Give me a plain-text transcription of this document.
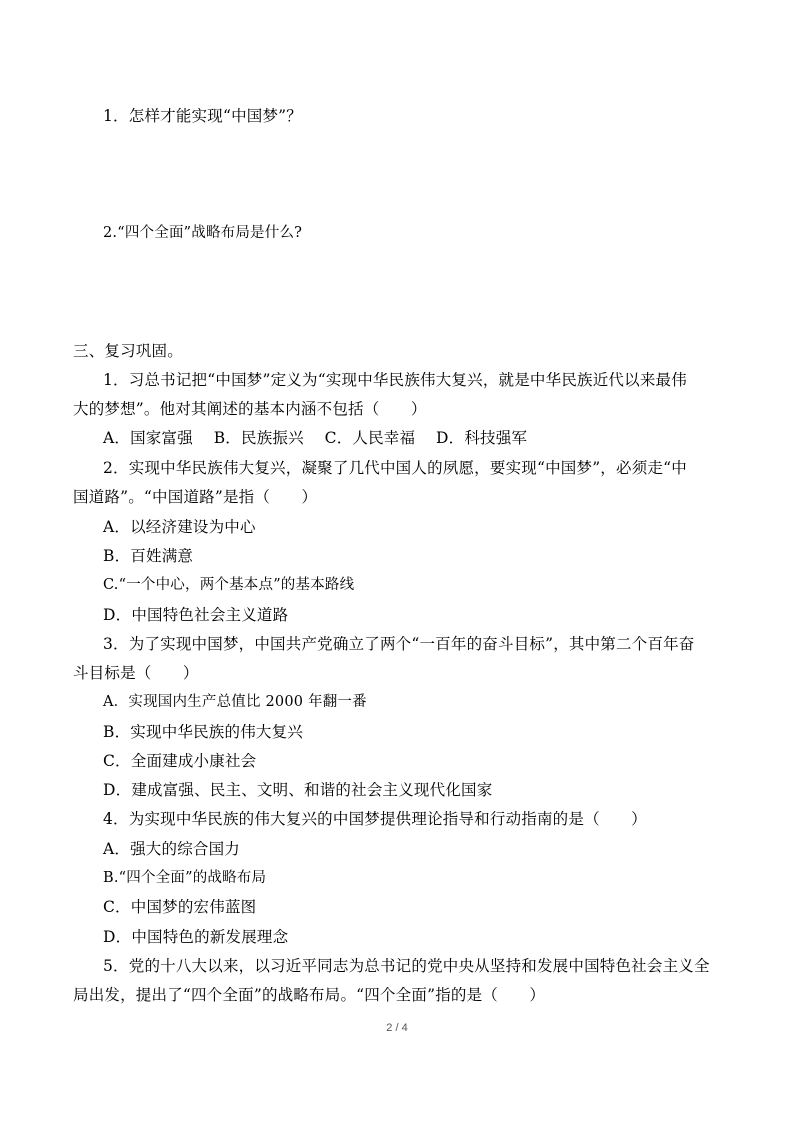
1．怎样才能实现“中国梦”？
2.“四个全面”战略布局是什么?
三、复习巩固。
1．习总书记把“中国梦”定义为“实现中华民族伟大复兴，就是中华民族近代以来最伟
大的梦想”。他对其阐述的基本内涵不包括（　　）
A．国家富强　 B．民族振兴　 C．人民幸福　 D．科技强军
2．实现中华民族伟大复兴，凝聚了几代中国人的夙愿，要实现“中国梦”，必须走“中
国道路”。“中国道路”是指（　　）
A．以经济建设为中心
B．百姓满意
C.“一个中心，两个基本点”的基本路线
D．中国特色社会主义道路
3．为了实现中国梦，中国共产党确立了两个“一百年的奋斗目标”，其中第二个百年奋
斗目标是（　　）
A．实现国内生产总值比 2000 年翻一番
B．实现中华民族的伟大复兴
C．全面建成小康社会
D．建成富强、民主、文明、和谐的社会主义现代化国家
4．为实现中华民族的伟大复兴的中国梦提供理论指导和行动指南的是（　　）
A．强大的综合国力
B.“四个全面”的战略布局
C．中国梦的宏伟蓝图
D．中国特色的新发展理念
5．党的十八大以来，以习近平同志为总书记的党中央从坚持和发展中国特色社会主义全
局出发，提出了“四个全面”的战略布局。“四个全面”指的是（　　）
2 / 4
